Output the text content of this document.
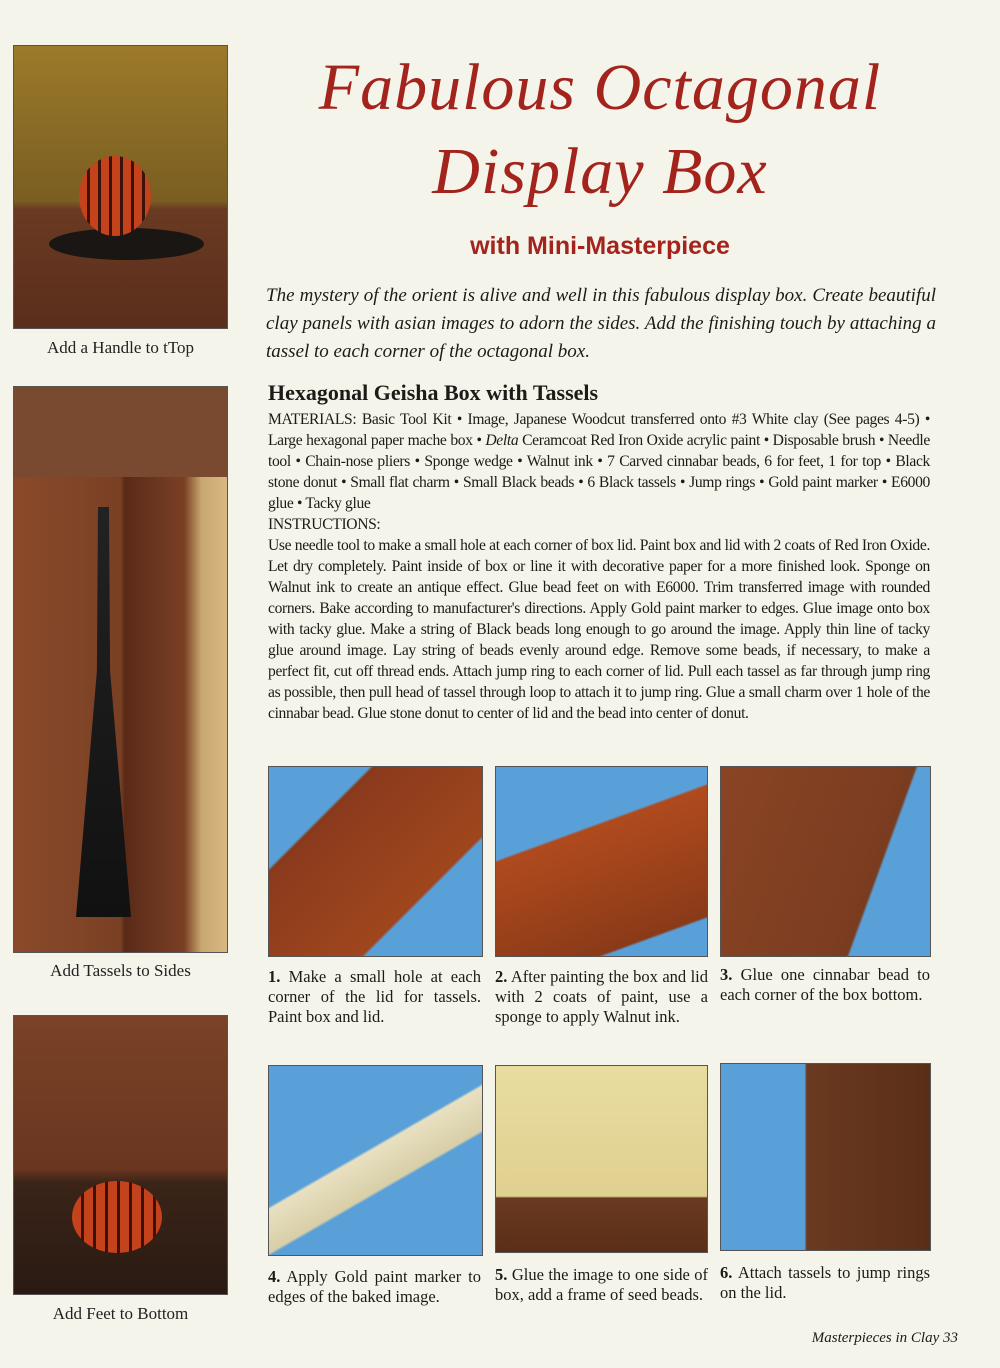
Add a Handle to tTop
Add Tassels to Sides
Add Feet to Bottom
Fabulous Octagonal
Display Box
with Mini-Masterpiece
The mystery of the orient is alive and well in this fabulous display box. Create beautiful clay panels with asian images to adorn the sides. Add the finishing touch by attaching a tassel to each corner of the octagonal box.
Hexagonal Geisha Box with Tassels
MATERIALS: Basic Tool Kit • Image, Japanese Woodcut transferred onto #3 White clay (See pages 4-5) • Large hexagonal paper mache box • Delta Ceramcoat Red Iron Oxide acrylic paint • Disposable brush • Needle tool • Chain-nose pliers • Sponge wedge • Walnut ink • 7 Carved cinnabar beads, 6 for feet, 1 for top • Black stone donut • Small flat charm • Small Black beads • 6 Black tassels • Jump rings • Gold paint marker • E6000 glue • Tacky glue
INSTRUCTIONS:
Use needle tool to make a small hole at each corner of box lid. Paint box and lid with 2 coats of Red Iron Oxide. Let dry completely. Paint inside of box or line it with decorative paper for a more finished look. Sponge on Walnut ink to create an antique effect. Glue bead feet on with E6000. Trim transferred image with rounded corners. Bake according to manufacturer's directions. Apply Gold paint marker to edges. Glue image onto box with tacky glue. Make a string of Black beads long enough to go around the image. Apply thin line of tacky glue around image. Lay string of beads evenly around edge. Remove some beads, if necessary, to make a perfect fit, cut off thread ends. Attach jump ring to each corner of lid. Pull each tassel as far through jump ring as possible, then pull head of tassel through loop to attach it to jump ring. Glue a small charm over 1 hole of the cinnabar bead. Glue stone donut to center of lid and the bead into center of donut.
1. Make a small hole at each corner of the lid for tassels. Paint box and lid.
2. After painting the box and lid with 2 coats of paint, use a sponge to apply Walnut ink.
3. Glue one cinnabar bead to each corner of the box bottom.
4. Apply Gold paint marker to edges of the baked image.
5. Glue the image to one side of box, add a frame of seed beads.
6. Attach tassels to jump rings on the lid.
Masterpieces in Clay 33
